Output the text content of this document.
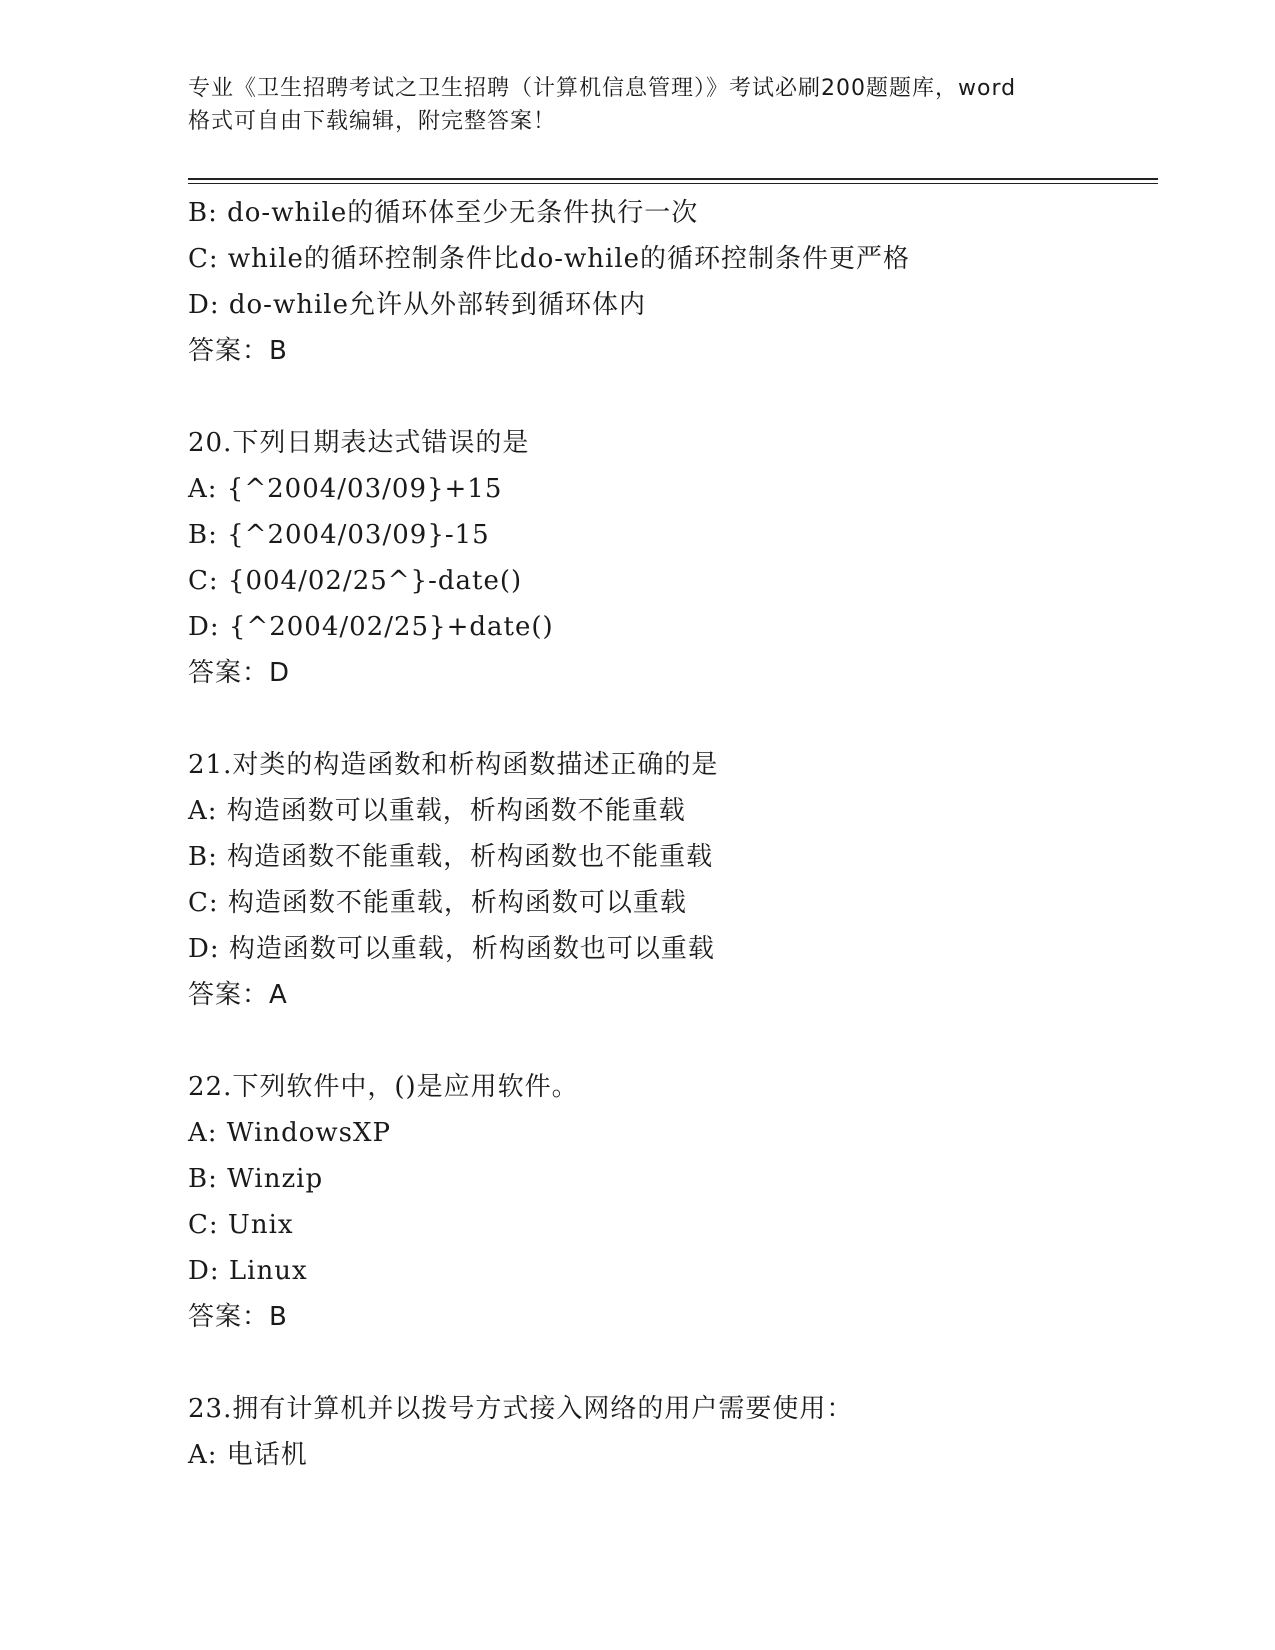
专业《卫生招聘考试之卫生招聘（计算机信息管理）》考试必刷200题题库，word
格式可自由下载编辑，附完整答案！
B: do-while的循环体至少无条件执行一次
C: while的循环控制条件比do-while的循环控制条件更严格
D: do-while允许从外部转到循环体内
答案：B
20.下列日期表达式错误的是
A: {^2004/03/09}+15
B: {^2004/03/09}-15
C: {004/02/25^}-date()
D: {^2004/02/25}+date()
答案：D
21.对类的构造函数和析构函数描述正确的是
A: 构造函数可以重载，析构函数不能重载
B: 构造函数不能重载，析构函数也不能重载
C: 构造函数不能重载，析构函数可以重载
D: 构造函数可以重载，析构函数也可以重载
答案：A
22.下列软件中，()是应用软件。
A: WindowsXP
B: Winzip
C: Unix
D: Linux
答案：B
23.拥有计算机并以拨号方式接入网络的用户需要使用：
A: 电话机
